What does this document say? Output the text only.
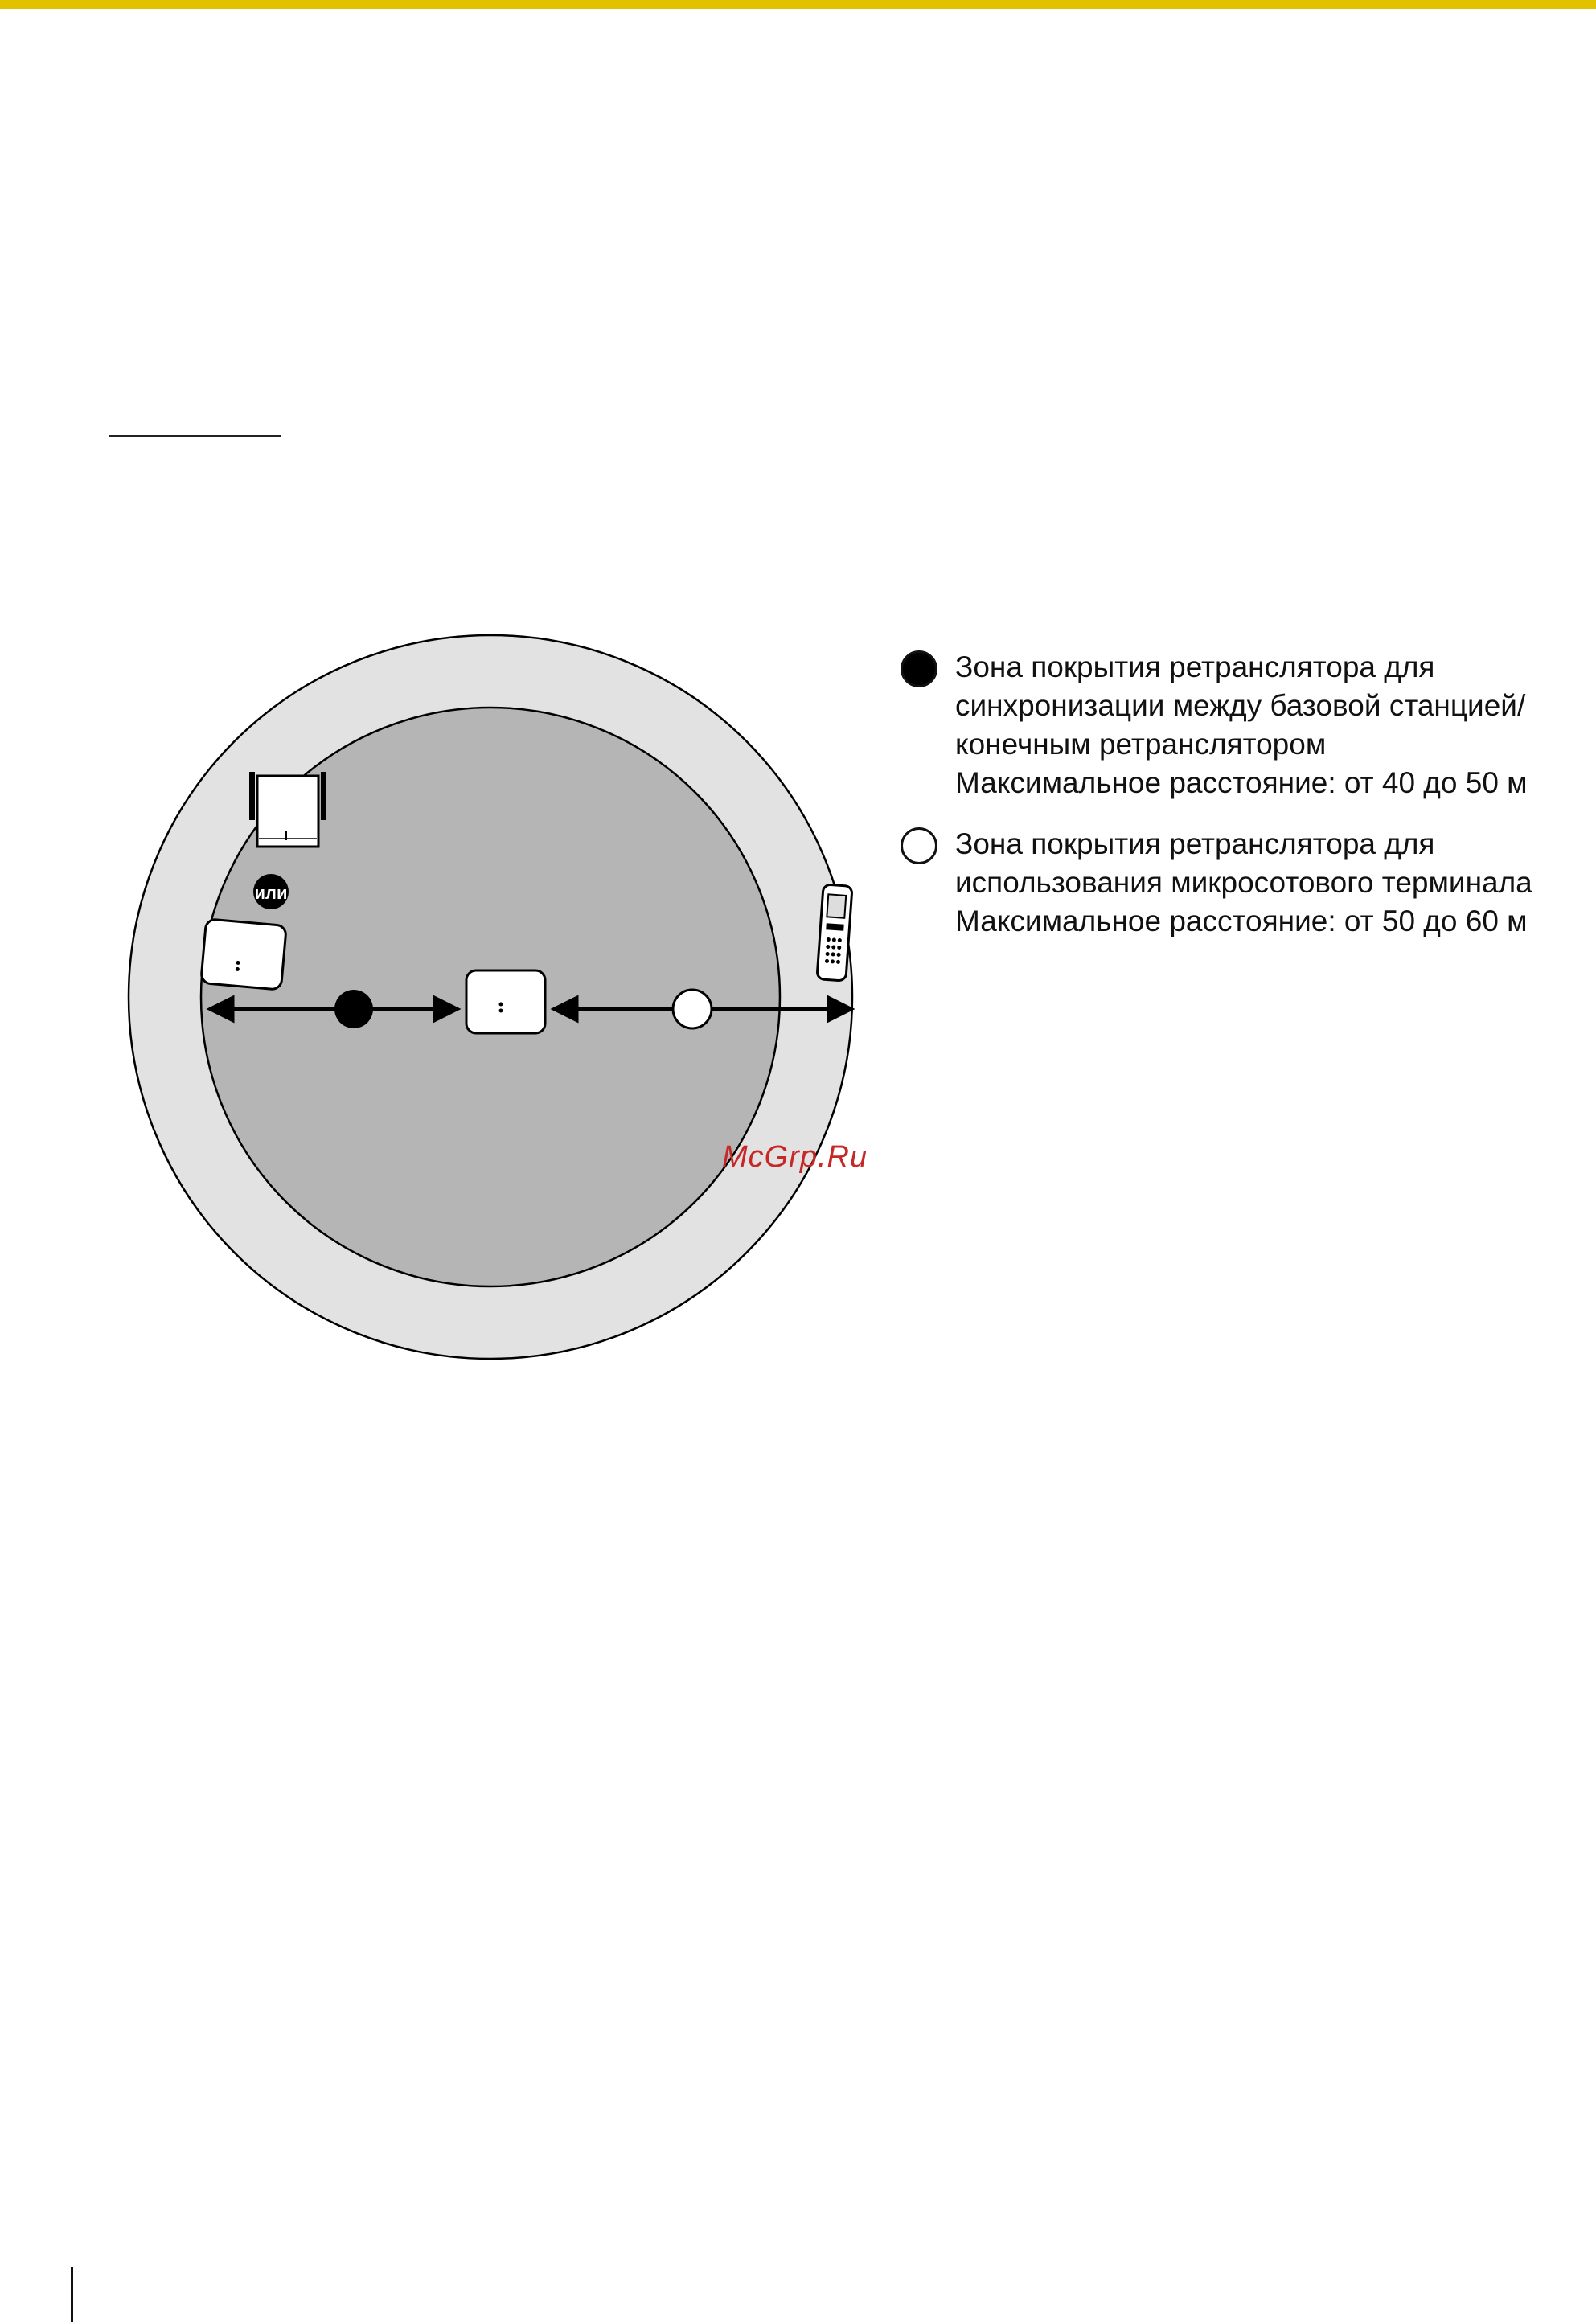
или
Зона покрытия ретранслятора для
синхронизации между базовой станцией/
конечным ретранслятором
Максимальное расстояние: от 40 до 50 м
Зона покрытия ретранслятора для
использования микросотового терминала
Максимальное расстояние: от 50 до 60 м
McGrp.Ru
